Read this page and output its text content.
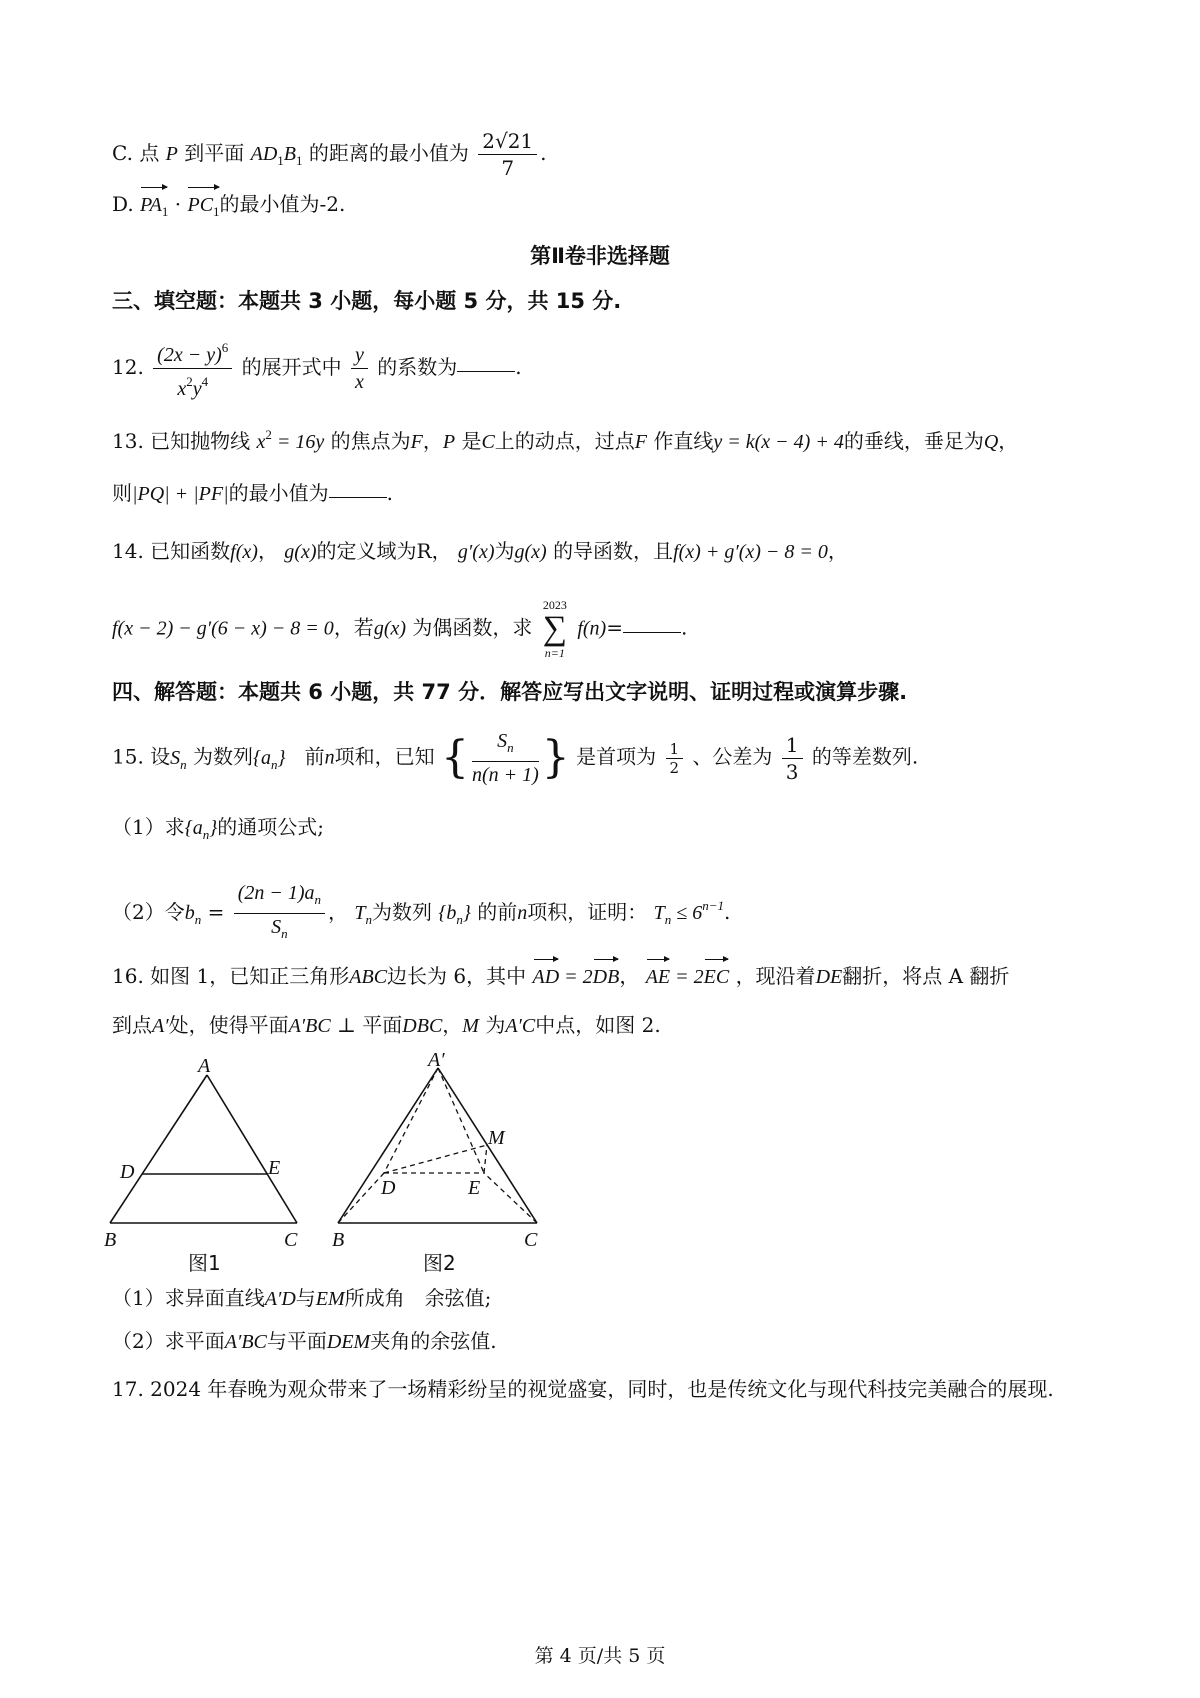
C. 点 P 到平面 $AD_1B_1$ 的距离的最小值为 $\frac{2√21}{7}$ .
D. $PA_1 \cdot PC_1$的最小值为-2.
第Ⅱ卷非选择题
三、填空题：本题共 3 小题，每小题 5 分，共 15 分.
12. $\frac{(2x - y)^6}{x^2y^4}$ 的展开式中 $\frac{y}{x}$ 的系数为	.
13. 已知抛物线 $x^2 = 16y$ 的焦点为F，P 是C上的动点，过点F 作直线y = k(x − 4) + 4的垂线，垂足为Q，
则|PQ| + |PF|的最小值为	.
14. 已知函数f(x)， g(x)的定义域为R， g′(x)为g(x) 的导函数，且f(x) + g′(x) − 8 = 0，
f(x − 2) − g′(6 − x) − 8 = 0，若g(x) 为偶函数，求
2023
∑
n=1
f(n)=	.
四、解答题：本题共 6 小题，共 77 分．解答应写出文字说明、证明过程或演算步骤.
15. 设$S_n$ 为数列$\{a_n\}$ 前n项和，已知 { $\frac{S_n}{n(n + 1)}$ } 是首项为 $\frac{1}{2}$ 、公差为 $\frac{1}{3}$ 的等差数列.
（1）求$\{a_n\}$的通项公式;
（2）令$b_n = \frac{(2n - 1)a_n}{S_n}$ ， $T_n$为数列 $\{b_n\}$ 的前n项积，证明： $T_n \le 6^{n-1}$.
16. 如图 1，已知正三角形ABC边长为 6，其中 AD = 2DB， AE = 2EC ，现沿着DE翻折，将点 A 翻折
到点A′处，使得平面A′BC ⊥ 平面DBC，M 为A′C中点，如图 2.
A
B	C
D	E
图1
A′
B	C
D	E
M
图2
（1）求异面直线A′D与EM所成角　余弦值;
（2）求平面A′BC与平面DEM夹角的余弦值.
17. 2024 年春晚为观众带来了一场精彩纷呈的视觉盛宴，同时，也是传统文化与现代科技完美融合的展现.
第 4 页/共 5 页
